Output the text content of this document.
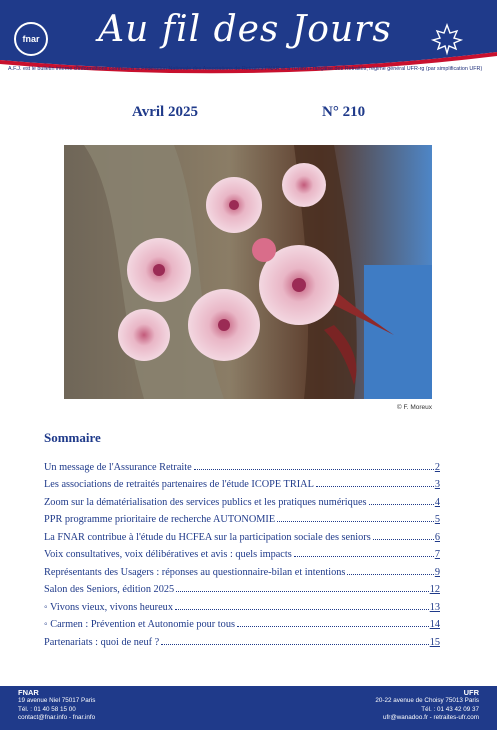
fnar	Au fil des Jours
A.F.J. est le bulletin interne d'informations commun à la Fédération Nationale des Associations de Retraités FNAR et à l'Union Française des Retraités, régime général UFR-rg (par simplification UFR)
Avril 2025	N° 210
© F. Moreux
Sommaire
Un message de l'Assurance Retraite	2
Les associations de retraités partenaires de l'étude ICOPE TRIAL	3
Zoom sur la dématérialisation des services publics et les pratiques numériques	4
PPR programme prioritaire de recherche AUTONOMIE	5
La FNAR contribue à l'étude du HCFEA sur la participation sociale des seniors	6
Voix consultatives, voix délibératives et avis : quels impacts	7
Représentants des Usagers : réponses au questionnaire-bilan et intentions	9
Salon des Seniors, édition 2025	12
◦ Vivons vieux, vivons heureux	13
◦ Carmen : Prévention et Autonomie pour tous	14
Partenariats : quoi de neuf ?	15
FNAR
19 avenue Niel 75017 Paris
Tél. : 01 40 58 15 00
contact@fnar.info - fnar.info
UFR
20-22 avenue de Choisy 75013 Paris
Tél. : 01 43 42 09 37
ufr@wanadoo.fr - retraites-ufr.com
